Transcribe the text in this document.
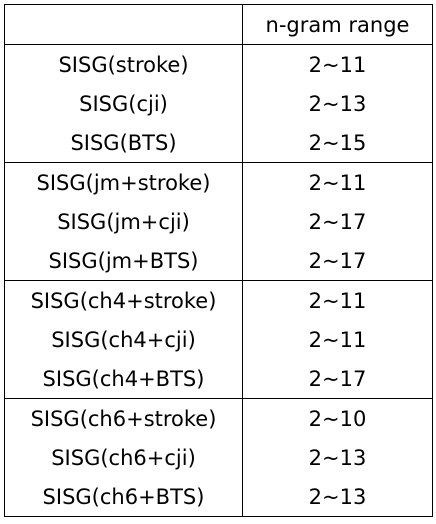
	n-gram range
SISG(stroke)	2~11
SISG(cji)	2~13
SISG(BTS)	2~15
SISG(jm+stroke)	2~11
SISG(jm+cji)	2~17
SISG(jm+BTS)	2~17
SISG(ch4+stroke)	2~11
SISG(ch4+cji)	2~11
SISG(ch4+BTS)	2~17
SISG(ch6+stroke)	2~10
SISG(ch6+cji)	2~13
SISG(ch6+BTS)	2~13
